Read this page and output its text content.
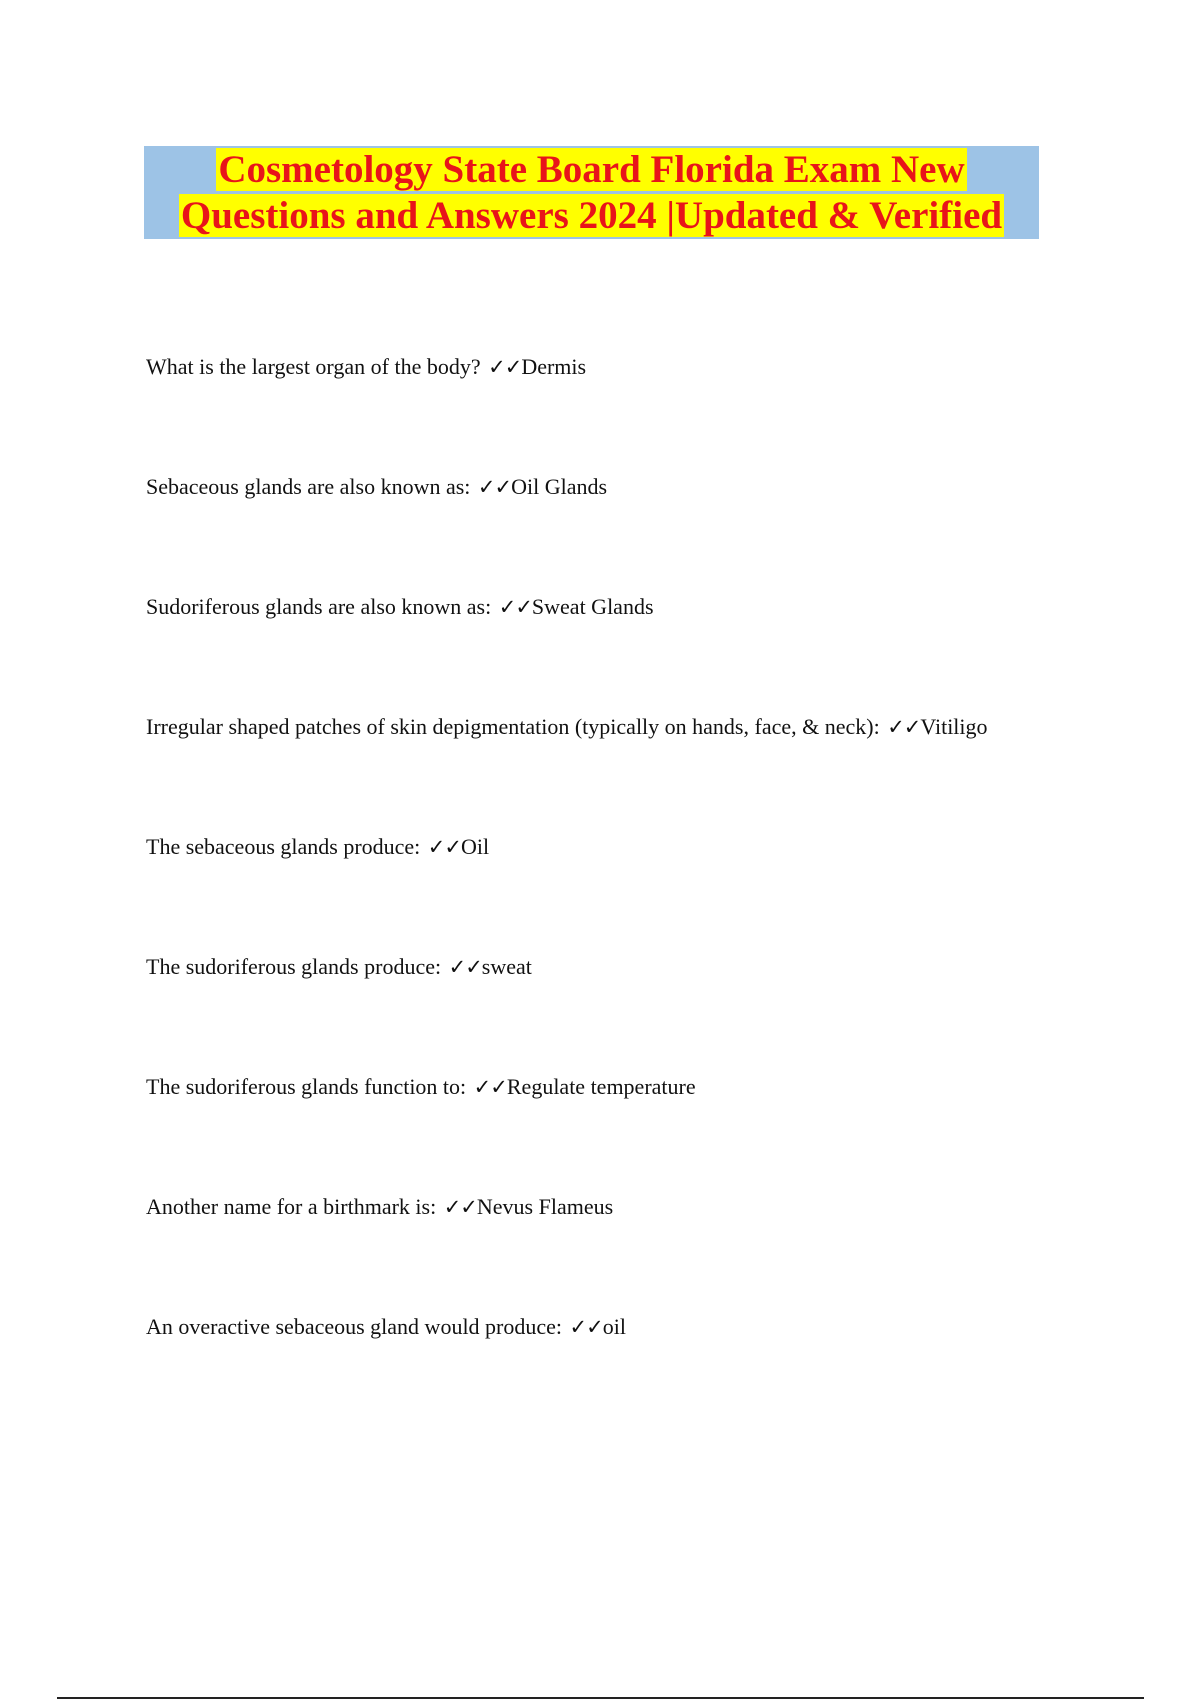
Cosmetology State Board Florida Exam New
Questions and Answers 2024 |Updated & Verified
What is the largest organ of the body? ✓✓Dermis
Sebaceous glands are also known as: ✓✓Oil Glands
Sudoriferous glands are also known as: ✓✓Sweat Glands
Irregular shaped patches of skin depigmentation (typically on hands, face, & neck): ✓✓Vitiligo
The sebaceous glands produce: ✓✓Oil
The sudoriferous glands produce: ✓✓sweat
The sudoriferous glands function to: ✓✓Regulate temperature
Another name for a birthmark is: ✓✓Nevus Flameus
An overactive sebaceous gland would produce: ✓✓oil
